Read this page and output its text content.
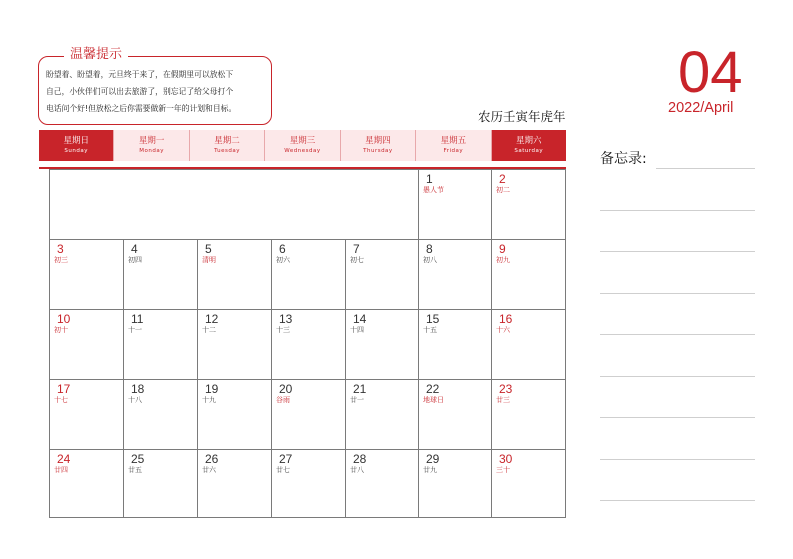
温馨提示
盼望着、盼望着，元旦终于来了，在假期里可以放松下
自己，小伙伴们可以出去旅游了，别忘记了给父母打个
电话问个好!但放松之后你需要做新一年的计划和目标。
04
2022/April
农历壬寅年虎年
星期日
Sunday
星期一
Monday
星期二
Tuesday
星期三
Wednesday
星期四
Thursday
星期五
Friday
星期六
Saturday
1
愚人节
2
初二
3
初三
4
初四
5
清明
6
初六
7
初七
8
初八
9
初九
10
初十
11
十一
12
十二
13
十三
14
十四
15
十五
16
十六
17
十七
18
十八
19
十九
20
谷雨
21
廿一
22
地球日
23
廿三
24
廿四
25
廿五
26
廿六
27
廿七
28
廿八
29
廿九
30
三十
备忘录:
